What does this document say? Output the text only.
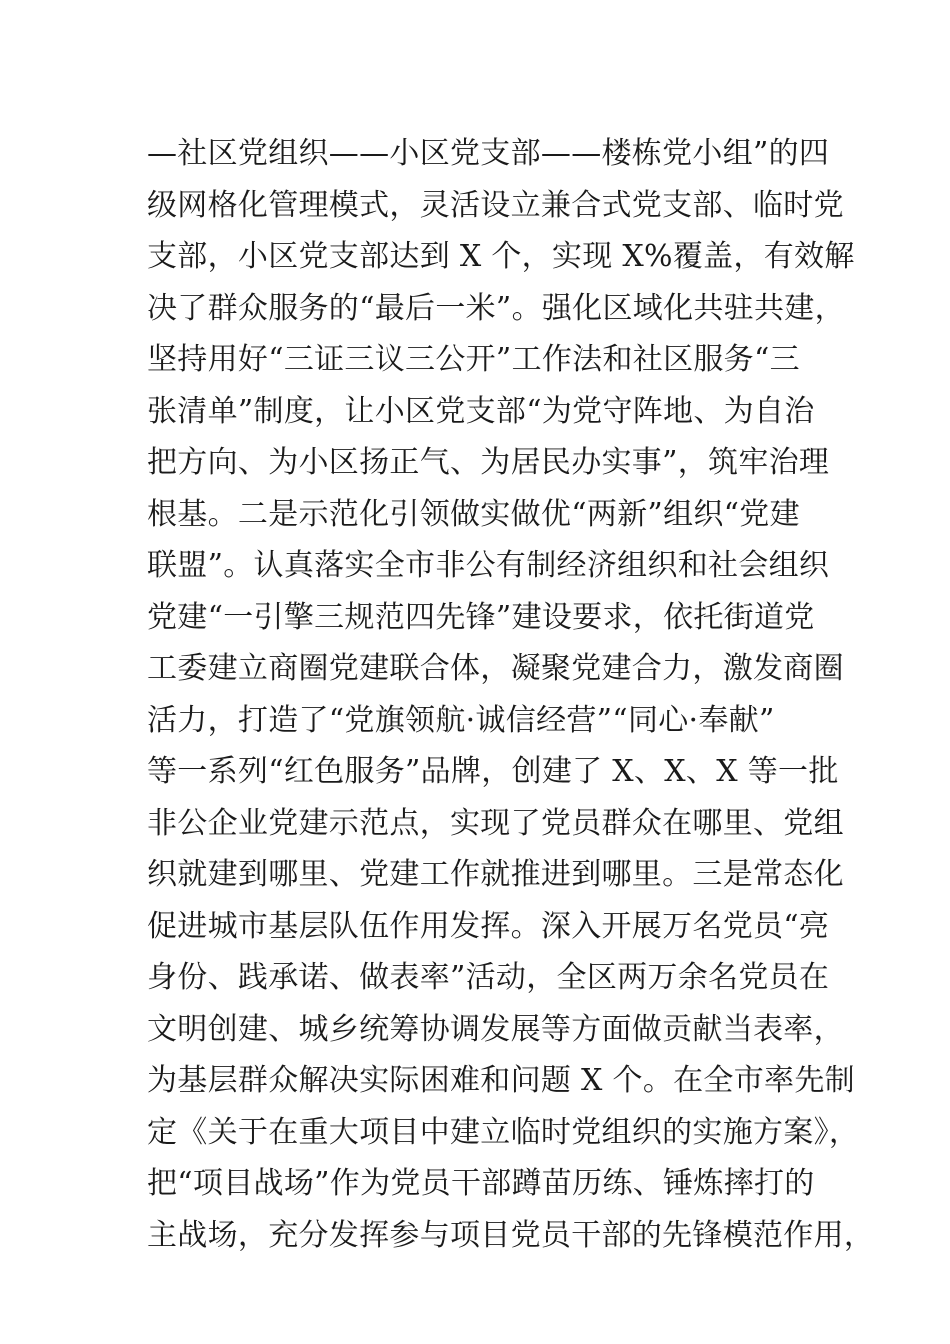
—社区党组织——小区党支部——楼栋党小组”的四
级网格化管理模式，灵活设立兼合式党支部、临时党
支部，小区党支部达到 X 个，实现 X%覆盖，有效解
决了群众服务的“最后一米”。强化区域化共驻共建，
坚持用好“三证三议三公开”工作法和社区服务“三
张清单”制度，让小区党支部“为党守阵地、为自治
把方向、为小区扬正气、为居民办实事”，筑牢治理
根基。二是示范化引领做实做优“两新”组织“党建
联盟”。认真落实全市非公有制经济组织和社会组织
党建“一引擎三规范四先锋”建设要求，依托街道党
工委建立商圈党建联合体，凝聚党建合力，激发商圈
活力，打造了“党旗领航·诚信经营”“同心·奉献”
等一系列“红色服务”品牌，创建了 X、X、X 等一批
非公企业党建示范点，实现了党员群众在哪里、党组
织就建到哪里、党建工作就推进到哪里。三是常态化
促进城市基层队伍作用发挥。深入开展万名党员“亮
身份、践承诺、做表率”活动，全区两万余名党员在
文明创建、城乡统筹协调发展等方面做贡献当表率，
为基层群众解决实际困难和问题 X 个。在全市率先制
定《关于在重大项目中建立临时党组织的实施方案》，
把“项目战场”作为党员干部蹲苗历练、锤炼摔打的
主战场，充分发挥参与项目党员干部的先锋模范作用，
